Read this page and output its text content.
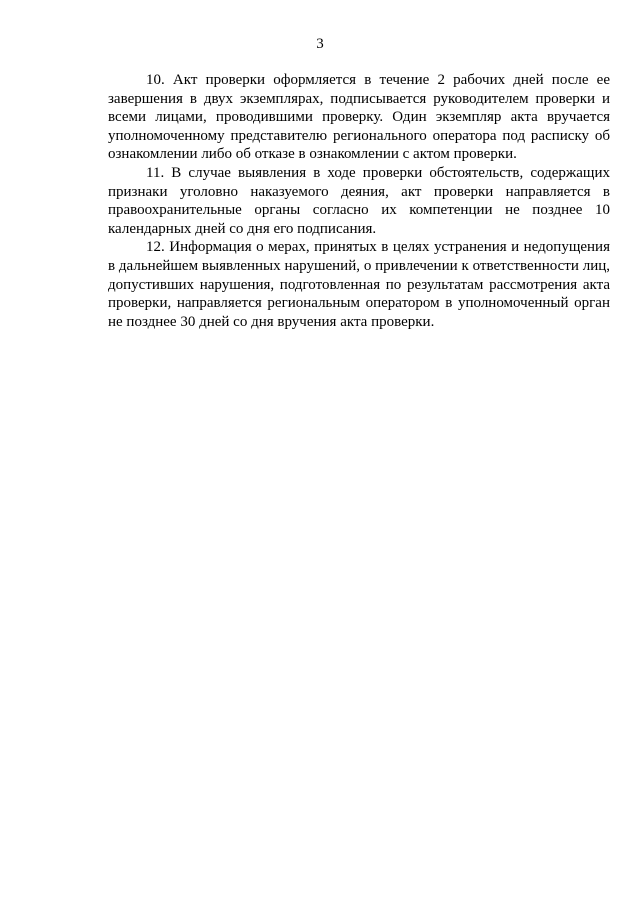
3

10. Акт проверки оформляется в течение 2 рабочих дней после ее завершения в двух экземплярах, подписывается руководителем проверки и всеми лицами, проводившими проверку. Один экземпляр акта вручается уполномоченному представителю регионального оператора под расписку об ознакомлении либо об отказе в ознакомлении с актом проверки.

11. В случае выявления в ходе проверки обстоятельств, содержащих признаки уголовно наказуемого деяния, акт проверки направляется в правоохранительные органы согласно их компетенции не позднее 10 календарных дней со дня его подписания.

12. Информация о мерах, принятых в целях устранения и недопущения в дальнейшем выявленных нарушений, о привлечении к ответственности лиц, допустивших нарушения, подготовленная по результатам рассмотрения акта проверки, направляется региональным оператором в уполномоченный орган не позднее 30 дней со дня вручения акта проверки.
